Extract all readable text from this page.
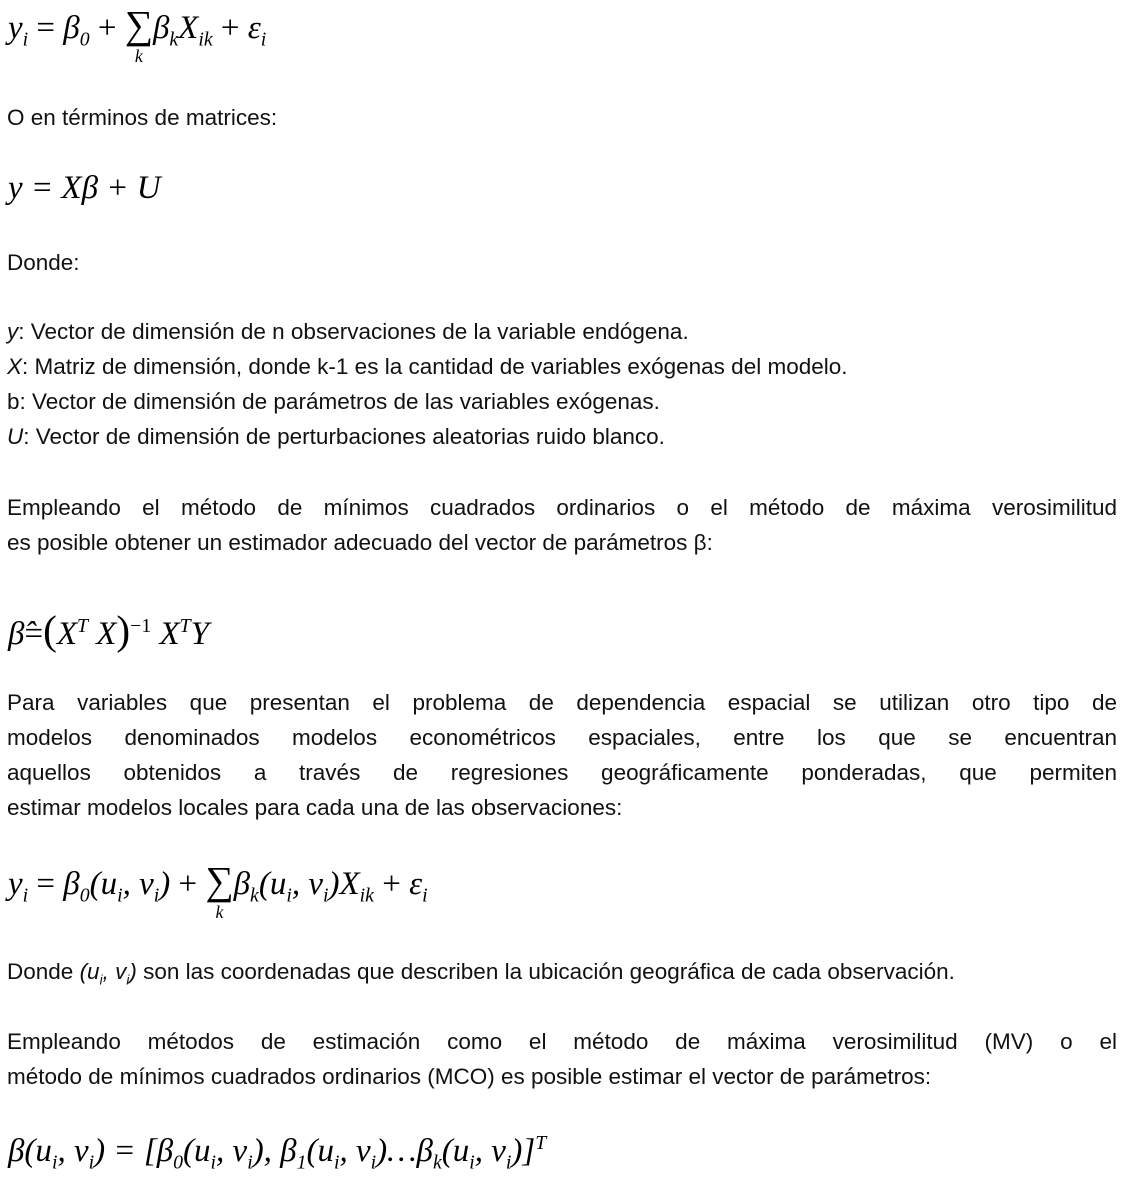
$y_i = \beta_0$ + ∑
k
$\beta_kX_{ik} + \varepsilon_i$
O en términos de matrices:
y = Xβ + U
Donde:
y: Vector de dimensión de n observaciones de la variable endógena.
X: Matriz de dimensión, donde k-1 es la cantidad de variables exógenas del modelo.
b: Vector de dimensión de parámetros de las variables exógenas.
U: Vector de dimensión de perturbaciones aleatorias ruido blanco.
Empleando el método de mínimos cuadrados ordinarios o el método de máxima verosimilitud
es posible obtener un estimador adecuado del vector de parámetros β:
$\betâ=(X^T$ X)$^{-1}$ $X^TY$
Para variables que presentan el problema de dependencia espacial se utilizan otro tipo de
modelos denominados modelos econométricos espaciales, entre los que se encuentran
aquellos obtenidos a través de regresiones geográficamente ponderadas, que permiten
estimar modelos locales para cada una de las observaciones:
$y_i = \beta_0(u_i$, $v_i$) + ∑
k
$\beta_k(u_i$, $v_i)X_{ik} + \varepsilon_i$
Donde ($u_i$, $v_i$) son las coordenadas que describen la ubicación geográfica de cada observación.
Empleando métodos de estimación como el método de máxima verosimilitud (MV) o el
método de mínimos cuadrados ordinarios (MCO) es posible estimar el vector de parámetros:
$\beta(u_i$, $v_i) = [\beta_0(u_i$, $v_i$), $\beta_1(u_i$, $v_i)\dots\beta_k(u_i$, $v_i)]^T$
